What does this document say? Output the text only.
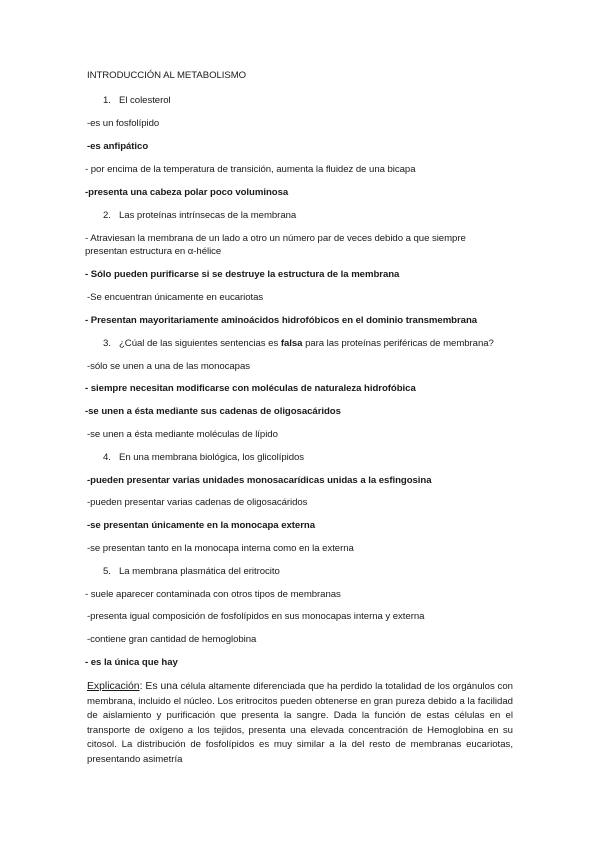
INTRODUCCIÓN AL METABOLISMO
1. El colesterol
-es un fosfolípido
-es anfipático
- por encima de la temperatura de transición, aumenta la fluidez de una bicapa
-presenta una cabeza polar poco voluminosa
2. Las proteínas intrínsecas de la membrana
- Atraviesan la membrana de un lado a otro un número par de veces debido a que siempre
presentan estructura en α-hélice
- Sólo pueden purificarse si se destruye la estructura de la membrana
-Se encuentran únicamente en eucariotas
- Presentan mayoritariamente aminoácidos hidrofóbicos en el dominio transmembrana
3. ¿Cúal de las siguientes sentencias es falsa para las proteínas periféricas de membrana?
-sólo se unen a una de las monocapas
- siempre necesitan modificarse con moléculas de naturaleza hidrofóbica
-se unen a ésta mediante sus cadenas de oligosacáridos
-se unen a ésta mediante moléculas de lípido
4. En una membrana biológica, los glicolípidos
-pueden presentar varias unidades monosacarídicas unidas a la esfingosina
-pueden presentar varias cadenas de oligosacáridos
-se presentan únicamente en la monocapa externa
-se presentan tanto en la monocapa interna como en la externa
5. La membrana plasmática del eritrocito
- suele aparecer contaminada con otros tipos de membranas
-presenta igual composición de fosfolípidos en sus monocapas interna y externa
-contiene gran cantidad de hemoglobina
- es la única que hay
Explicación: Es una célula altamente diferenciada que ha perdido la totalidad de los orgánulos con membrana, incluido el núcleo. Los eritrocitos pueden obtenerse en gran pureza debido a la facilidad de aislamiento y purificación que presenta la sangre. Dada la función de estas células en el transporte de oxígeno a los tejidos, presenta una elevada concentración de Hemoglobina en su citosol. La distribución de fosfolípidos es muy similar a la del resto de membranas eucariotas, presentando asimetría
